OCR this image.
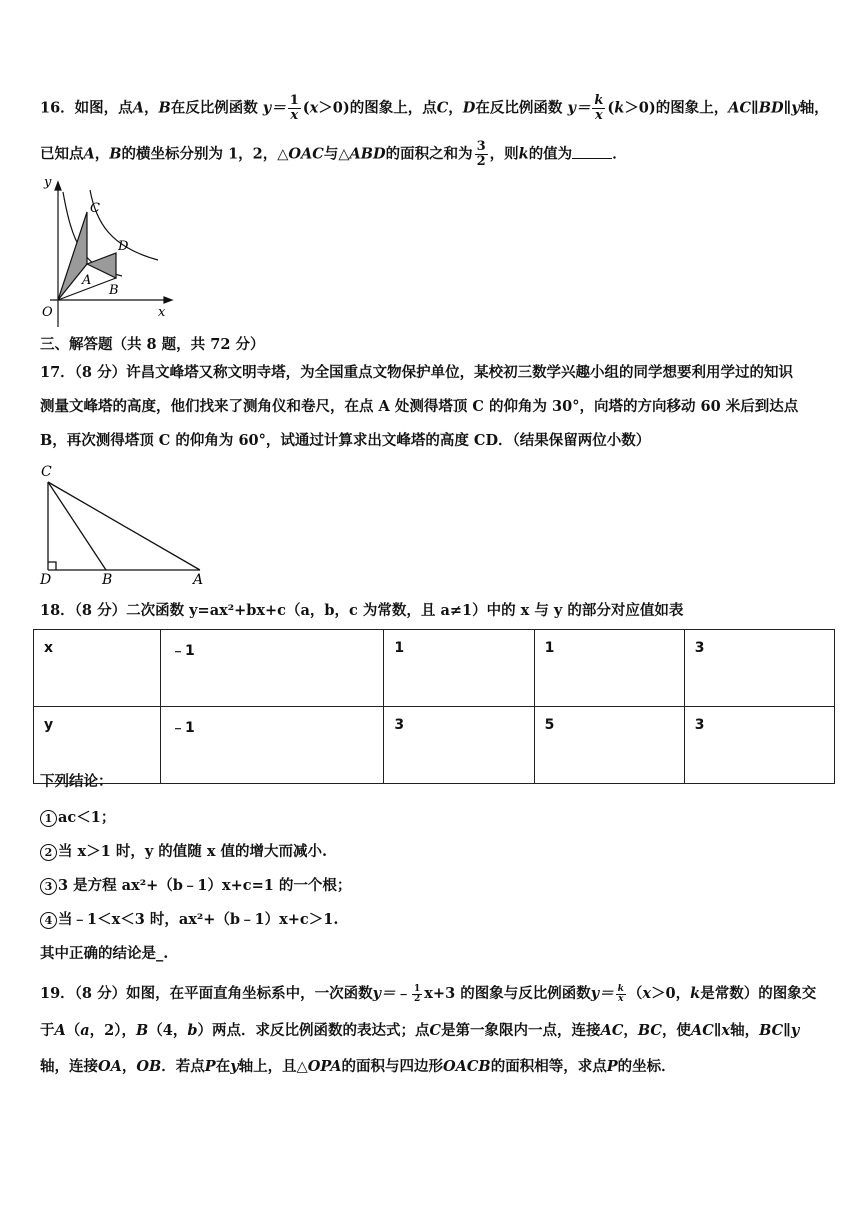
16．如图，点A，B在反比例函数 $y= \frac{1}{x} (x>0)$的图象上，点C，D在反比例函数 $y= \frac{k}{x} (k>0)$的图象上，AC∥BD∥y轴，
已知点A，B的横坐标分别为 1，2，△OAC与△ABD的面积之和为 $\frac{3}{2}$ ，则k的值为	．
y
x
O
C
D
A
B
三、解答题（共 8 题，共 72 分）
17．（8 分）许昌文峰塔又称文明寺塔，为全国重点文物保护单位，某校初三数学兴趣小组的同学想要利用学过的知识
测量文峰塔的高度，他们找来了测角仪和卷尺，在点 A 处测得塔顶 C 的仰角为 30°，向塔的方向移动 60 米后到达点
B，再次测得塔顶 C 的仰角为 60°，试通过计算求出文峰塔的高度 CD．（结果保留两位小数）
C
D	B	A
18．（8 分）二次函数 y=ax²+bx+c（a，b，c 为常数，且 a≠1）中的 x 与 y 的部分对应值如表
x	﹣1	1	1	3
y	﹣1	3	5	3
下列结论：
1 ac＜1；
2 当 x＞1 时，y 的值随 x 值的增大而减小.
3 3 是方程 ax²+（b﹣1）x+c=1 的一个根；
4 当﹣1＜x＜3 时，ax²+（b﹣1）x+c＞1.
其中正确的结论是_.
19．（8 分）如图，在平面直角坐标系中，一次函数y＝﹣ $\frac{1}{2} x+3$ 的图象与反比例函数$y= \frac{k}{x} (x>0$，k是常数）的图象交
于A（a，2），B（4，b）两点．求反比例函数的表达式；点C是第一象限内一点，连接AC，BC，使AC∥x轴，BC∥y
轴，连接OA，OB．若点P在y轴上，且△OPA的面积与四边形OACB的面积相等，求点P的坐标．
